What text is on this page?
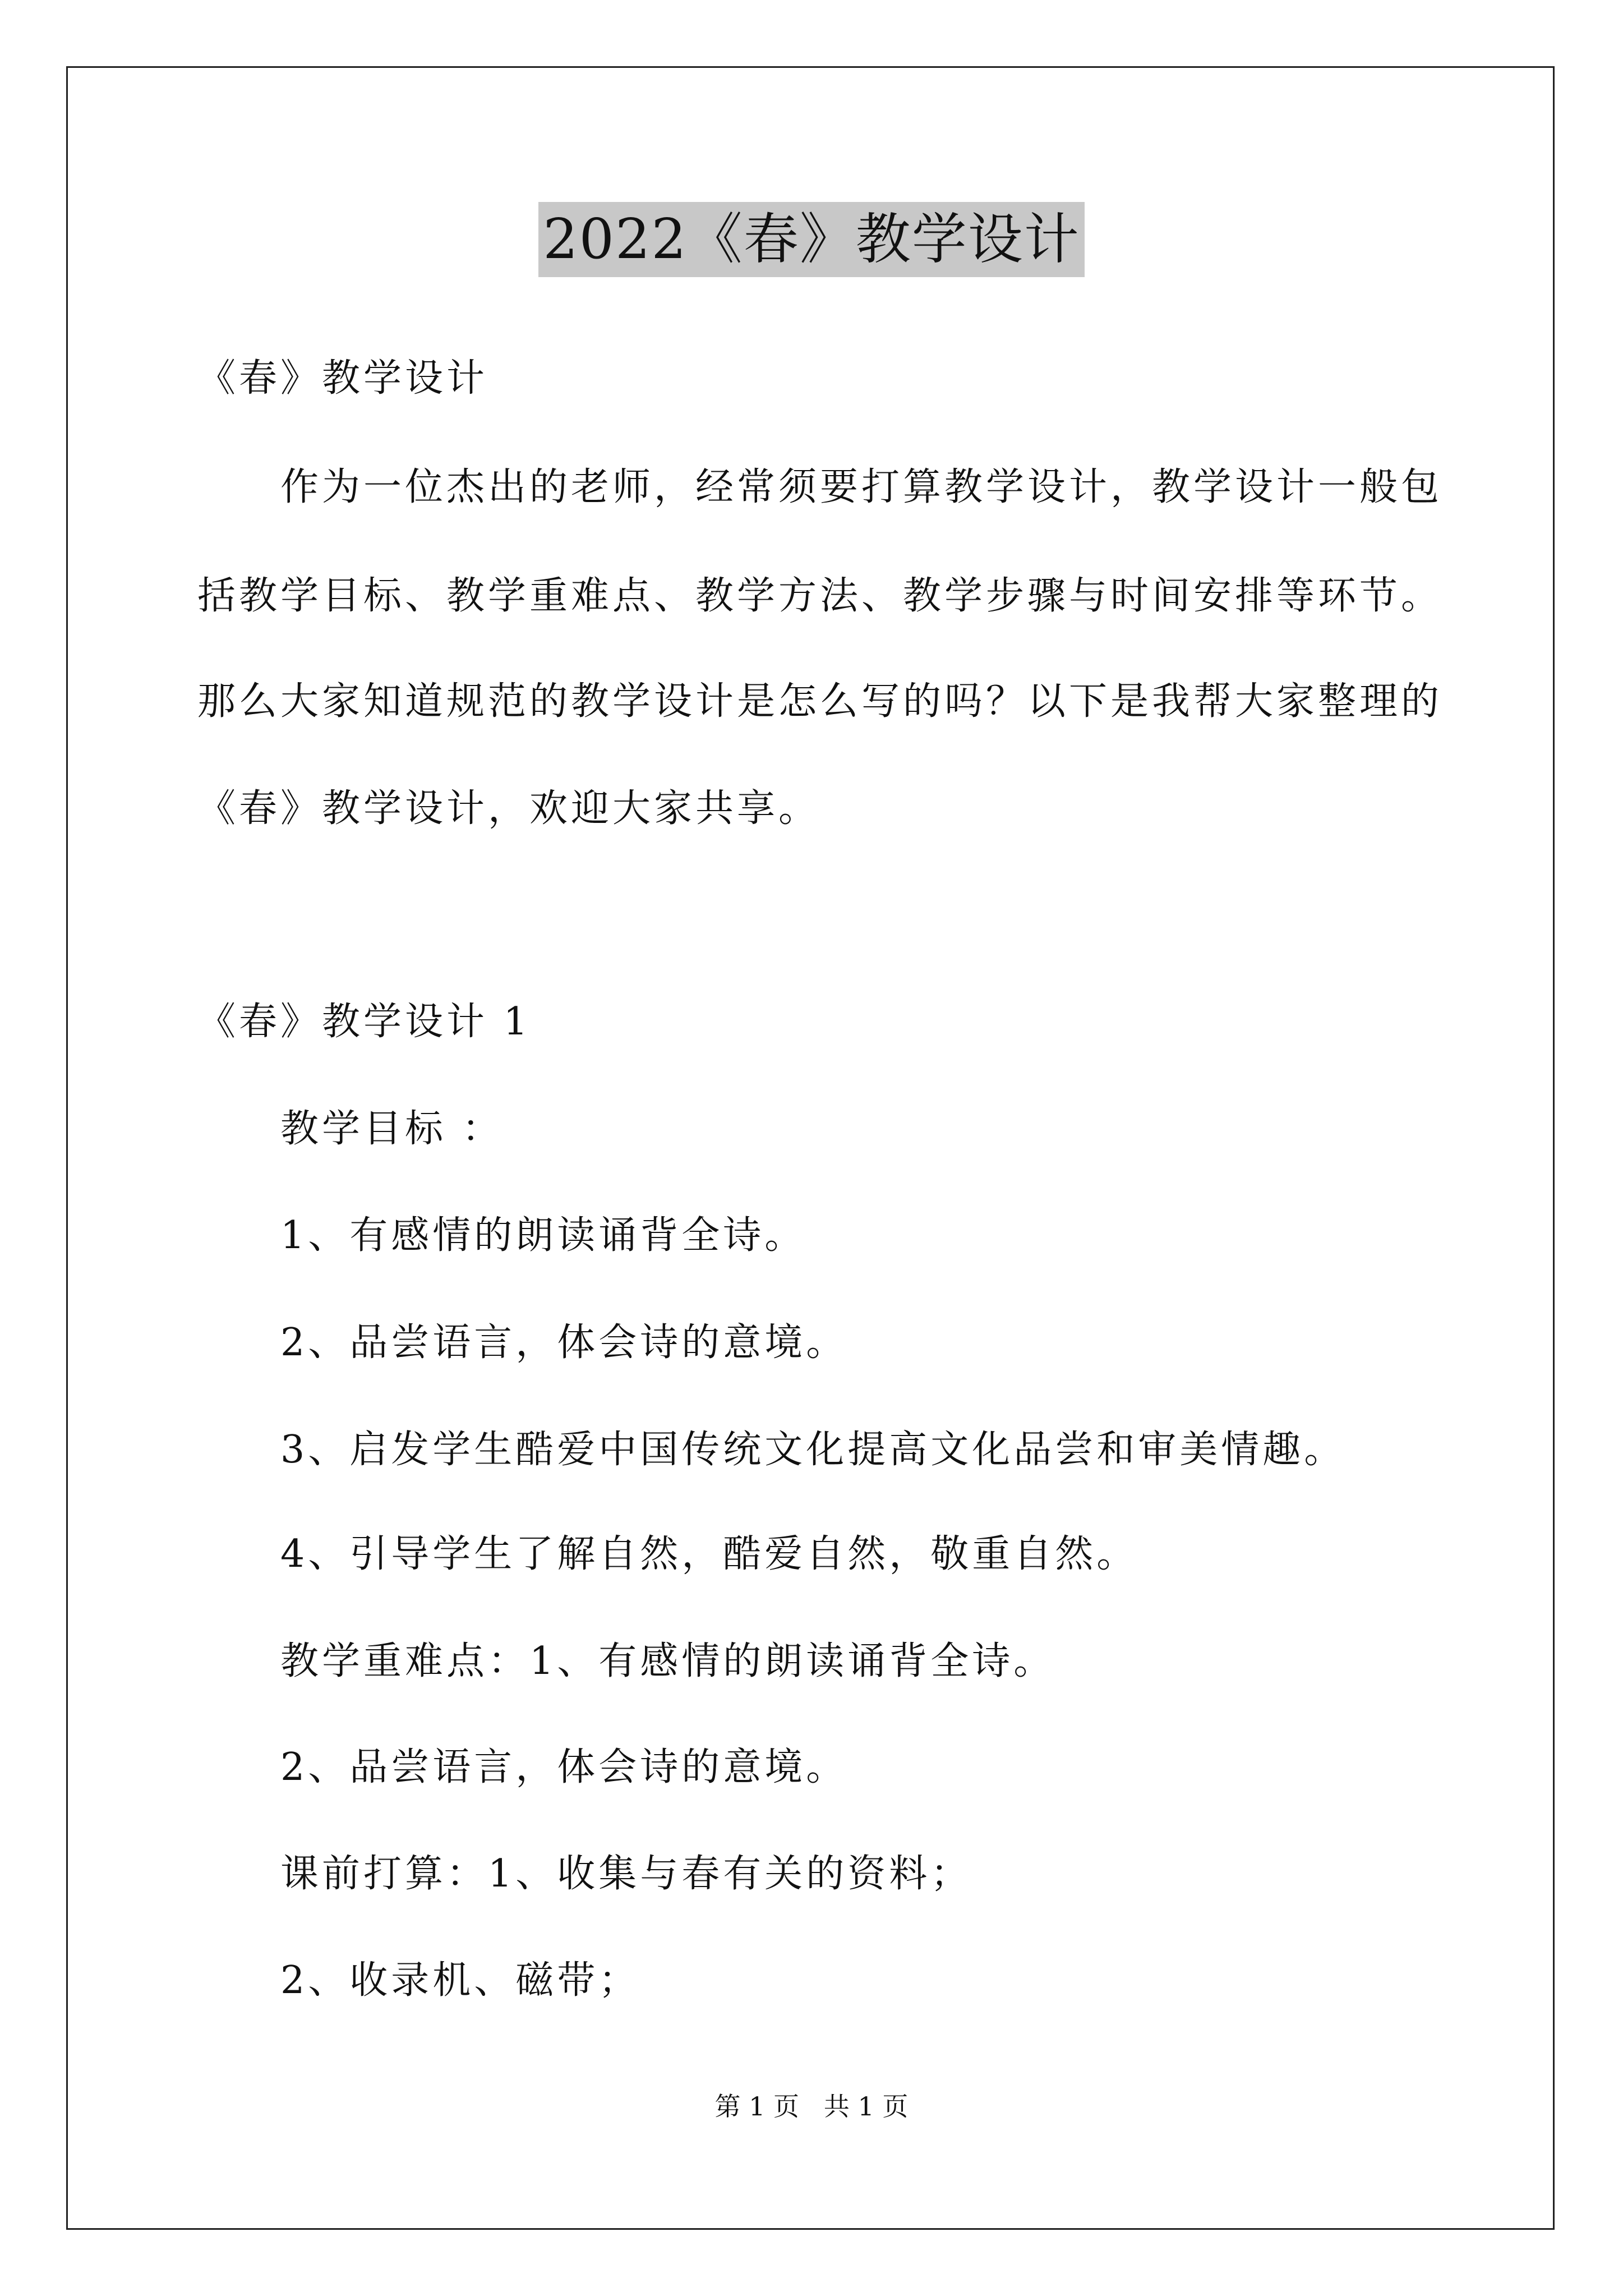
2022《春》教学设计
《春》教学设计
作为一位杰出的老师，经常须要打算教学设计，教学设计一般包
括教学目标、教学重难点、教学方法、教学步骤与时间安排等环节。
那么大家知道规范的教学设计是怎么写的吗？以下是我帮大家整理的
《春》教学设计，欢迎大家共享。
《春》教学设计 1
教学目标 ：
1、有感情的朗读诵背全诗。
2、品尝语言，体会诗的意境。
3、启发学生酷爱中国传统文化提高文化品尝和审美情趣。
4、引导学生了解自然，酷爱自然，敬重自然。
教学重难点：1、有感情的朗读诵背全诗。
2、品尝语言，体会诗的意境。
课前打算：1、收集与春有关的资料；
2、收录机、磁带；
第 1 页   共 1 页
